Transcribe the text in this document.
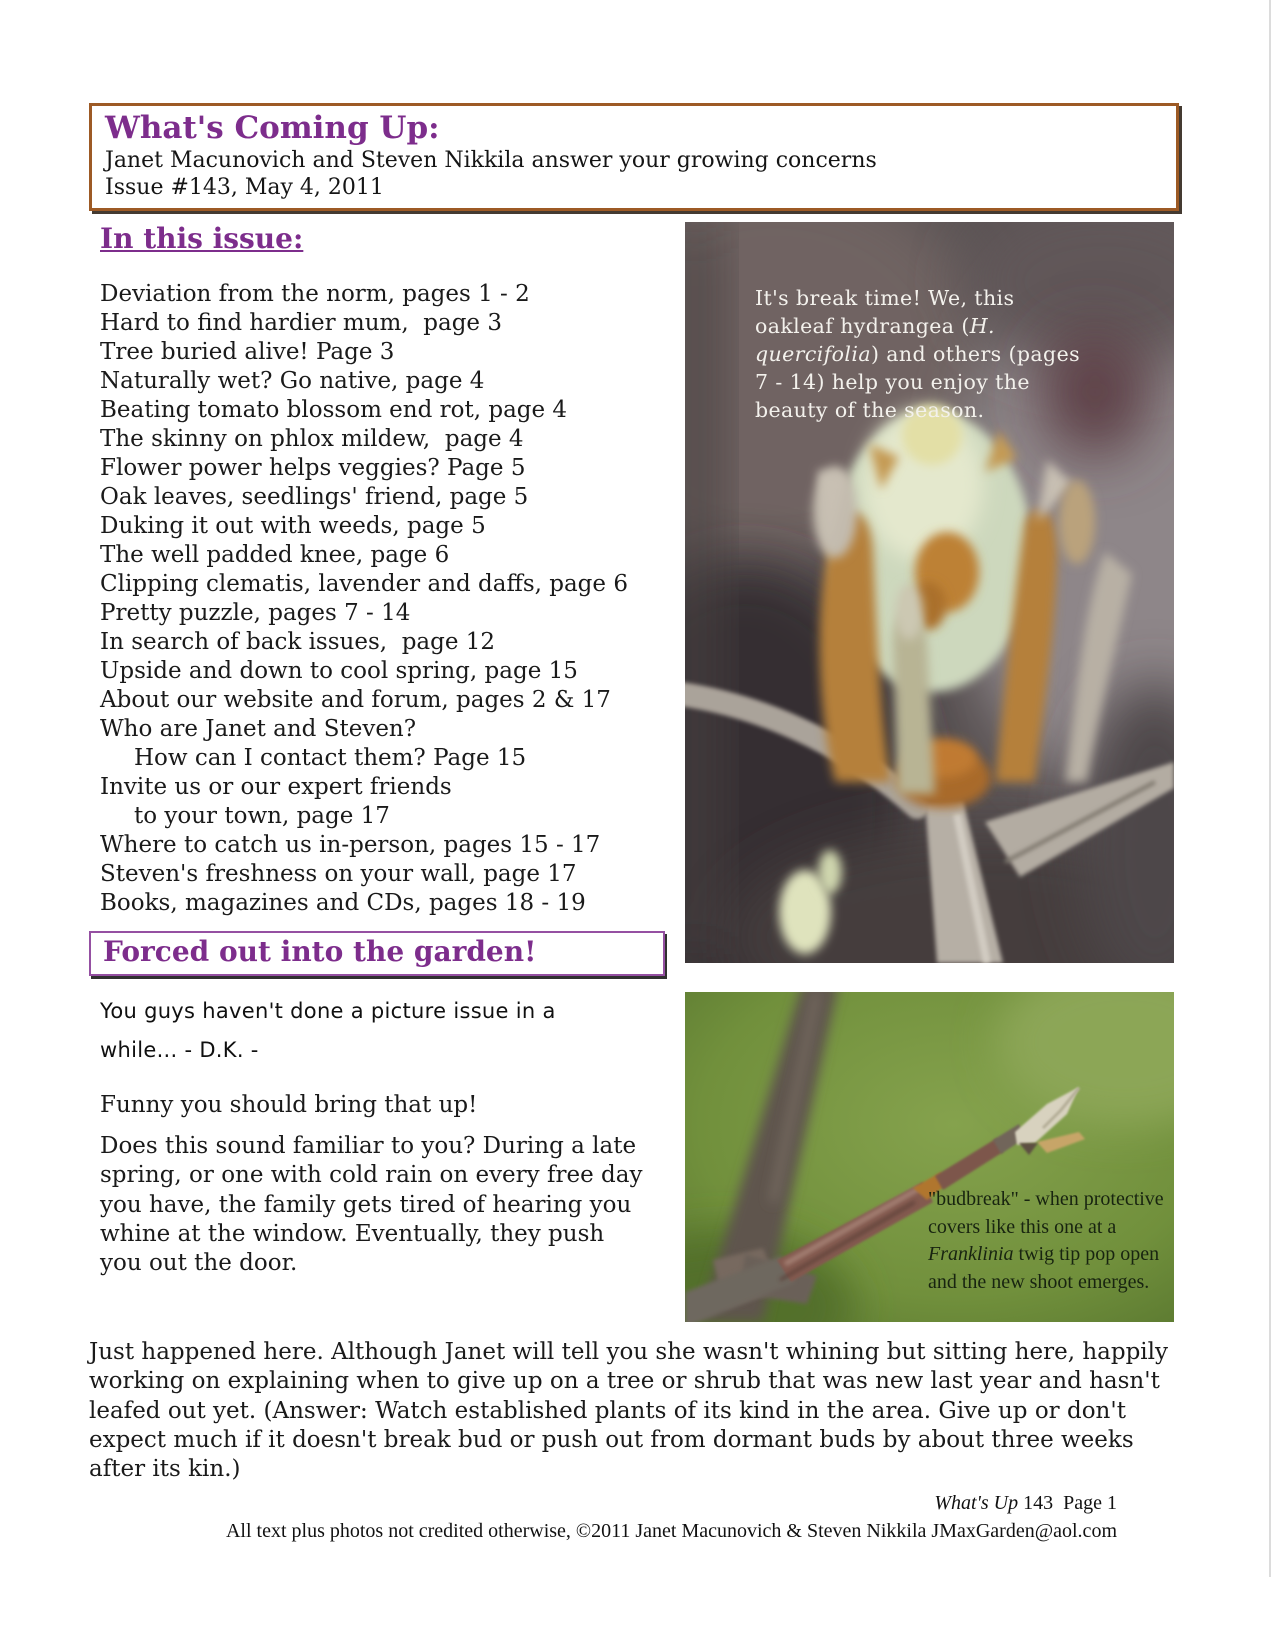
What's Coming Up:
Janet Macunovich and Steven Nikkila answer your growing concerns
Issue #143, May 4, 2011
In this issue:
Deviation from the norm, pages 1 - 2
Hard to find hardier mum,  page 3
Tree buried alive! Page 3
Naturally wet? Go native, page 4
Beating tomato blossom end rot, page 4
The skinny on phlox mildew,  page 4
Flower power helps veggies? Page 5
Oak leaves, seedlings' friend, page 5
Duking it out with weeds, page 5
The well padded knee, page 6
Clipping clematis, lavender and daffs, page 6
Pretty puzzle, pages 7 - 14
In search of back issues,  page 12
Upside and down to cool spring, page 15
About our website and forum, pages 2 & 17
Who are Janet and Steven?
How can I contact them? Page 15
Invite us or our expert friends
to your town, page 17
Where to catch us in-person, pages 15 - 17
Steven's freshness on your wall, page 17
Books, magazines and CDs, pages 18 - 19
It's break time! We, this oakleaf hydrangea (H. quercifolia) and others (pages 7 - 14) help you enjoy the beauty of the season.
Forced out into the garden!
You guys haven't done a picture issue in a while... - D.K. -
Funny you should bring that up!
Does this sound familiar to you? During a late spring, or one with cold rain on every free day you have, the family gets tired of hearing you whine at the window. Eventually, they push you out the door.
"budbreak" - when protective covers like this one at a Franklinia twig tip pop open and the new shoot emerges.
Just happened here. Although Janet will tell you she wasn't whining but sitting here, happily working on explaining when to give up on a tree or shrub that was new last year and hasn't leafed out yet. (Answer: Watch established plants of its kind in the area. Give up or don't expect much if it doesn't break bud or push out from dormant buds by about three weeks after its kin.)
What's Up 143  Page 1
All text plus photos not credited otherwise, ©2011 Janet Macunovich & Steven Nikkila JMaxGarden@aol.com
